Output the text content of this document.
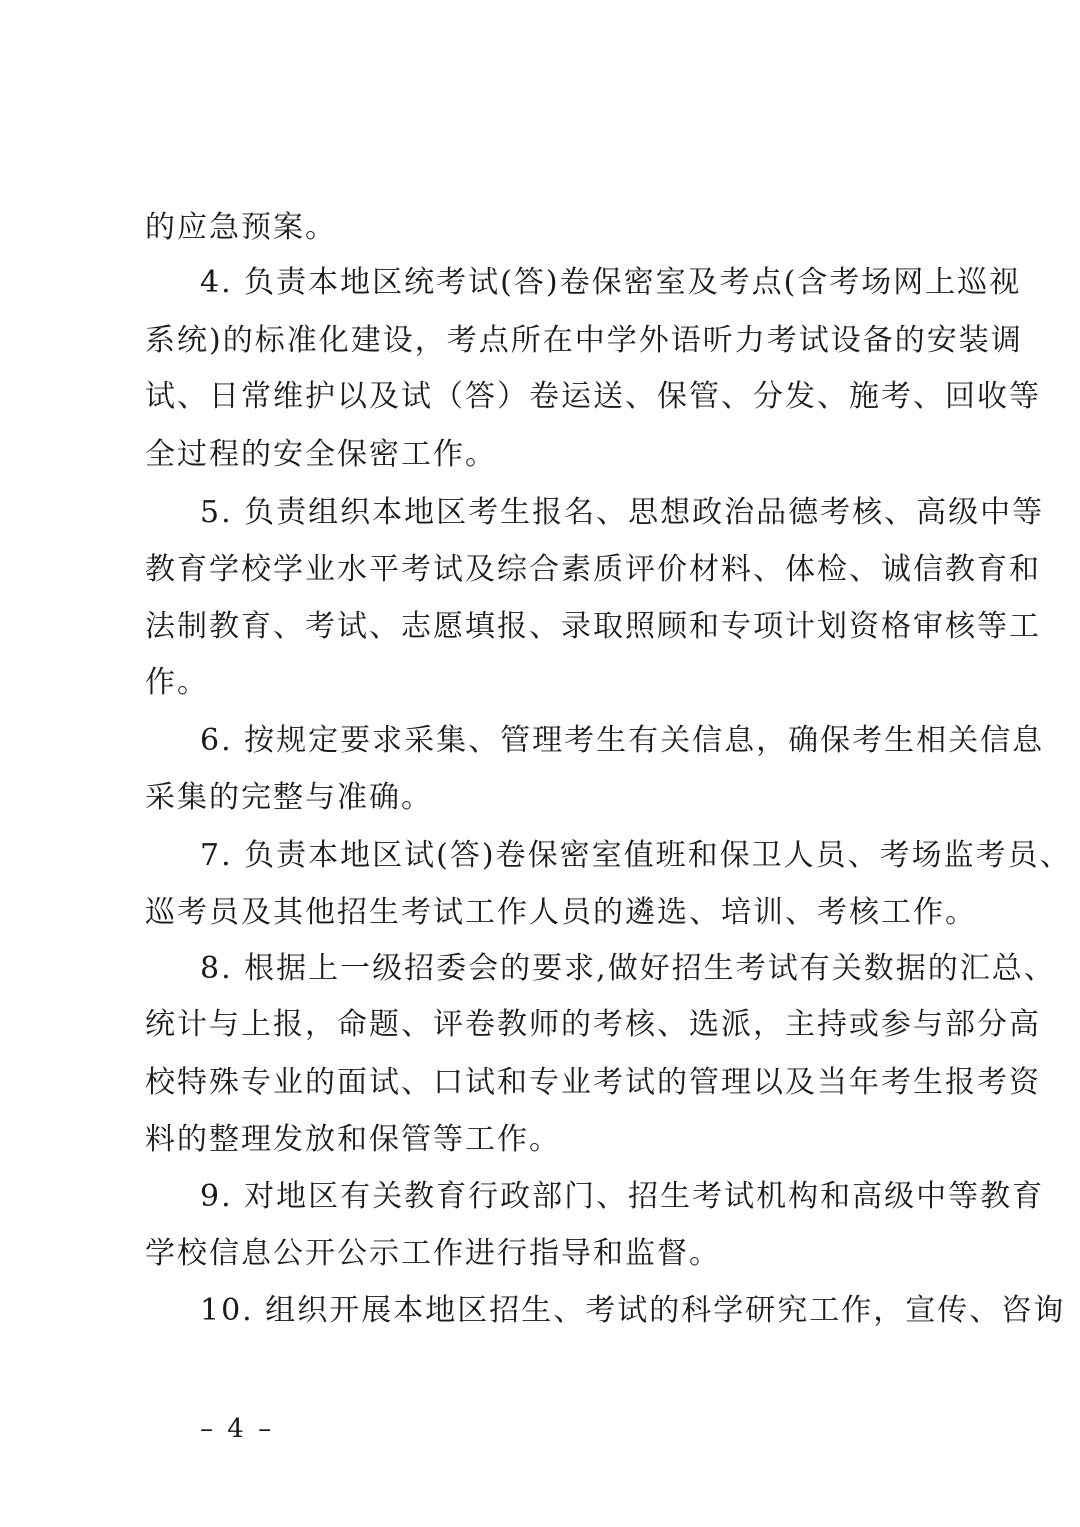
的应急预案。
4. 负责本地区统考试(答)卷保密室及考点(含考场网上巡视
系统)的标准化建设，考点所在中学外语听力考试设备的安装调
试、日常维护以及试（答）卷运送、保管、分发、施考、回收等
全过程的安全保密工作。
5. 负责组织本地区考生报名、思想政治品德考核、高级中等
教育学校学业水平考试及综合素质评价材料、体检、诚信教育和
法制教育、考试、志愿填报、录取照顾和专项计划资格审核等工
作。
6. 按规定要求采集、管理考生有关信息，确保考生相关信息
采集的完整与准确。
7. 负责本地区试(答)卷保密室值班和保卫人员、考场监考员、
巡考员及其他招生考试工作人员的遴选、培训、考核工作。
8. 根据上一级招委会的要求,做好招生考试有关数据的汇总、
统计与上报，命题、评卷教师的考核、选派，主持或参与部分高
校特殊专业的面试、口试和专业考试的管理以及当年考生报考资
料的整理发放和保管等工作。
9. 对地区有关教育行政部门、招生考试机构和高级中等教育
学校信息公开公示工作进行指导和监督。
10. 组织开展本地区招生、考试的科学研究工作，宣传、咨询
– 4 –
